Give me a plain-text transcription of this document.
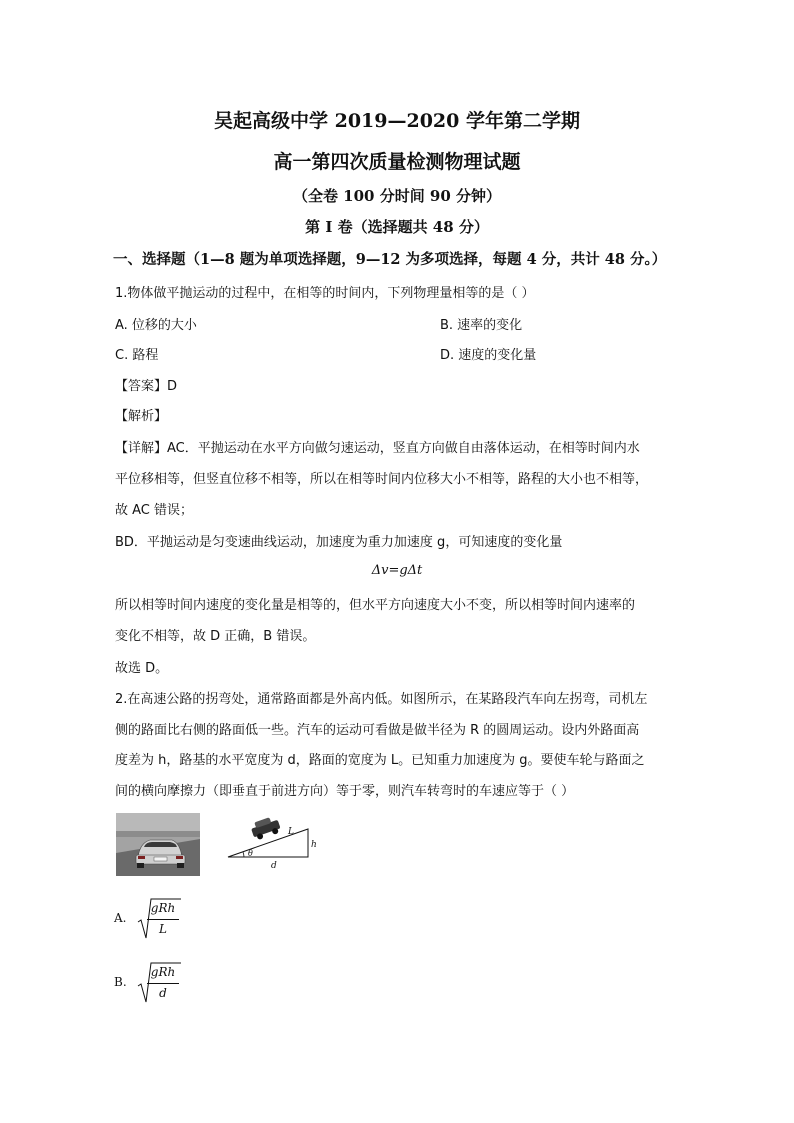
吴起高级中学 2019—2020 学年第二学期
高一第四次质量检测物理试题
（全卷 100 分时间 90 分钟）
第 I 卷（选择题共 48 分）
一、选择题（1—8 题为单项选择题，9—12 为多项选择，每题 4 分，共计 48 分。）
1.物体做平抛运动的过程中，在相等的时间内，下列物理量相等的是（ ）
A. 位移的大小	B. 速率的变化
C. 路程	D. 速度的变化量
【答案】D
【解析】
【详解】AC．平抛运动在水平方向做匀速运动，竖直方向做自由落体运动，在相等时间内水
平位移相等，但竖直位移不相等，所以在相等时间内位移大小不相等，路程的大小也不相等，
故 AC 错误；
BD．平抛运动是匀变速曲线运动，加速度为重力加速度 g，可知速度的变化量
Δv=gΔt
所以相等时间内速度的变化量是相等的，但水平方向速度大小不变，所以相等时间内速率的
变化不相等，故 D 正确，B 错误。
故选 D。
2.在高速公路的拐弯处，通常路面都是外高内低。如图所示，在某路段汽车向左拐弯，司机左
侧的路面比右侧的路面低一些。汽车的运动可看做是做半径为 R 的圆周运动。设内外路面高
度差为 h，路基的水平宽度为 d，路面的宽度为 L。已知重力加速度为 g。要使车轮与路面之
间的横向摩擦力（即垂直于前进方向）等于零，则汽车转弯时的车速应等于（ ）
L
h
d
θ
A.
gRh
L
B.
gRh
d
